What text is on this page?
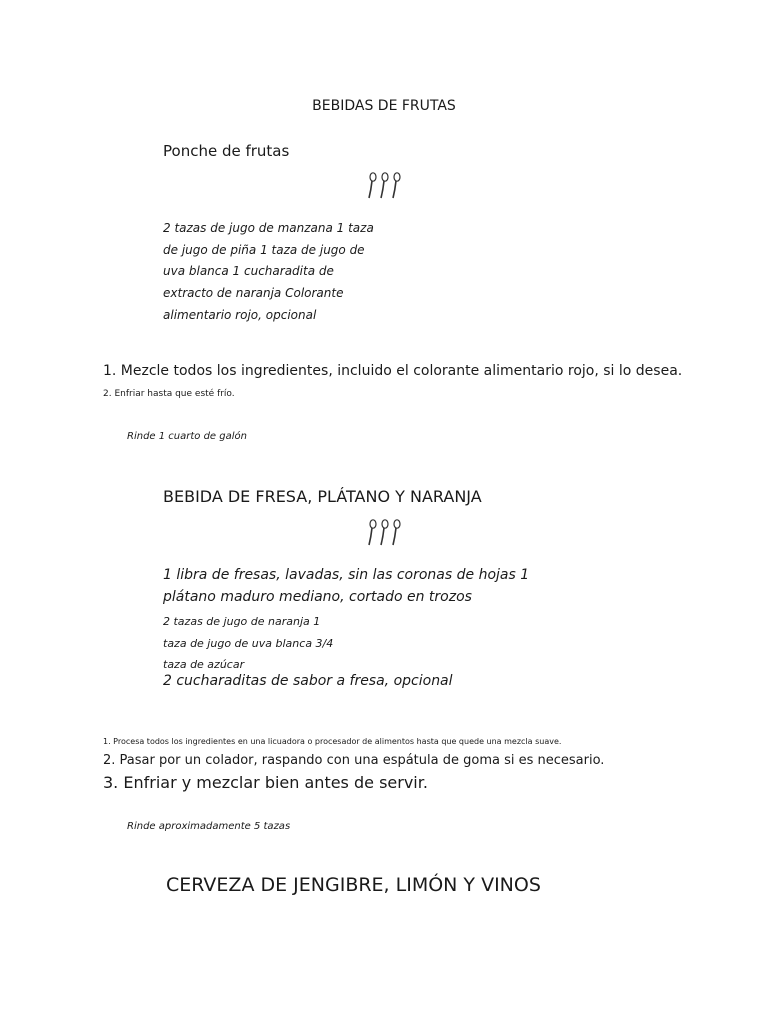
BEBIDAS DE FRUTAS
Ponche de frutas
2 tazas de jugo de manzana 1 taza de jugo de piña 1 taza de jugo de uva blanca 1 cucharadita de extracto de naranja Colorante alimentario rojo, opcional
1. Mezcle todos los ingredientes, incluido el colorante alimentario rojo, si lo desea.
2. Enfriar hasta que esté frío.
Rinde 1 cuarto de galón
BEBIDA DE FRESA, PLÁTANO Y NARANJA
1 libra de fresas, lavadas, sin las coronas de hojas 1 plátano maduro mediano, cortado en trozos
2 tazas de jugo de naranja 1
taza de jugo de uva blanca 3/4
taza de azúcar
2 cucharaditas de sabor a fresa, opcional
1. Procesa todos los ingredientes en una licuadora o procesador de alimentos hasta que quede una mezcla suave.
2. Pasar por un colador, raspando con una espátula de goma si es necesario.
3. Enfriar y mezclar bien antes de servir.
Rinde aproximadamente 5 tazas
CERVEZA DE JENGIBRE, LIMÓN Y VINOS
